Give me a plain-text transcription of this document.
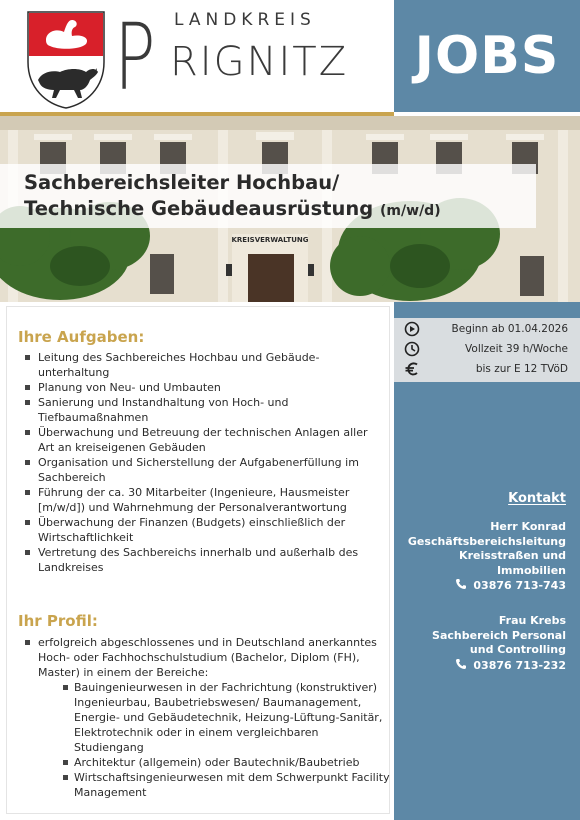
P LANDKREIS
RIGNITZ JOBS
KREISVERWALTUNG
Sachbereichsleiter Hochbau/
Technische Gebäudeausrüstung (m/w/d)
Ihre Aufgaben:
Leitung des Sachbereiches Hochbau und Gebäude-unterhaltung
Planung von Neu- und Umbauten
Sanierung und Instandhaltung von Hoch- und Tiefbaumaßnahmen
Überwachung und Betreuung der technischen Anlagen aller Art an kreiseigenen Gebäuden
Organisation und Sicherstellung der Aufgabenerfüllung im Sachbereich
Führung der ca. 30 Mitarbeiter (Ingenieure, Hausmeister [m/w/d]) und Wahrnehmung der Personalverantwortung
Überwachung der Finanzen (Budgets) einschließlich der Wirtschaftlichkeit
Vertretung des Sachbereichs innerhalb und außerhalb des Landkreises
Ihr Profil:
erfolgreich abgeschlossenes und in Deutschland anerkanntes Hoch- oder Fachhochschulstudium (Bachelor, Diplom (FH), Master) in einem der Bereiche:
Bauingenieurwesen in der Fachrichtung (konstruktiver) Ingenieurbau, Baubetriebswesen/ Baumanagement, Energie- und Gebäudetechnik, Heizung-Lüftung-Sanitär, Elektrotechnik oder in einem vergleichbaren Studiengang
Architektur (allgemein) oder Bautechnik/Baubetrieb
Wirtschaftsingenieurwesen mit dem Schwerpunkt Facility Management
Beginn ab 01.04.2026
Vollzeit 39 h/Woche
bis zur E 12 TVöD
Kontakt
Herr Konrad
Geschäftsbereichsleitung
Kreisstraßen und
Immobilien
03876 713-743
Frau Krebs
Sachbereich Personal
und Controlling
03876 713-232
